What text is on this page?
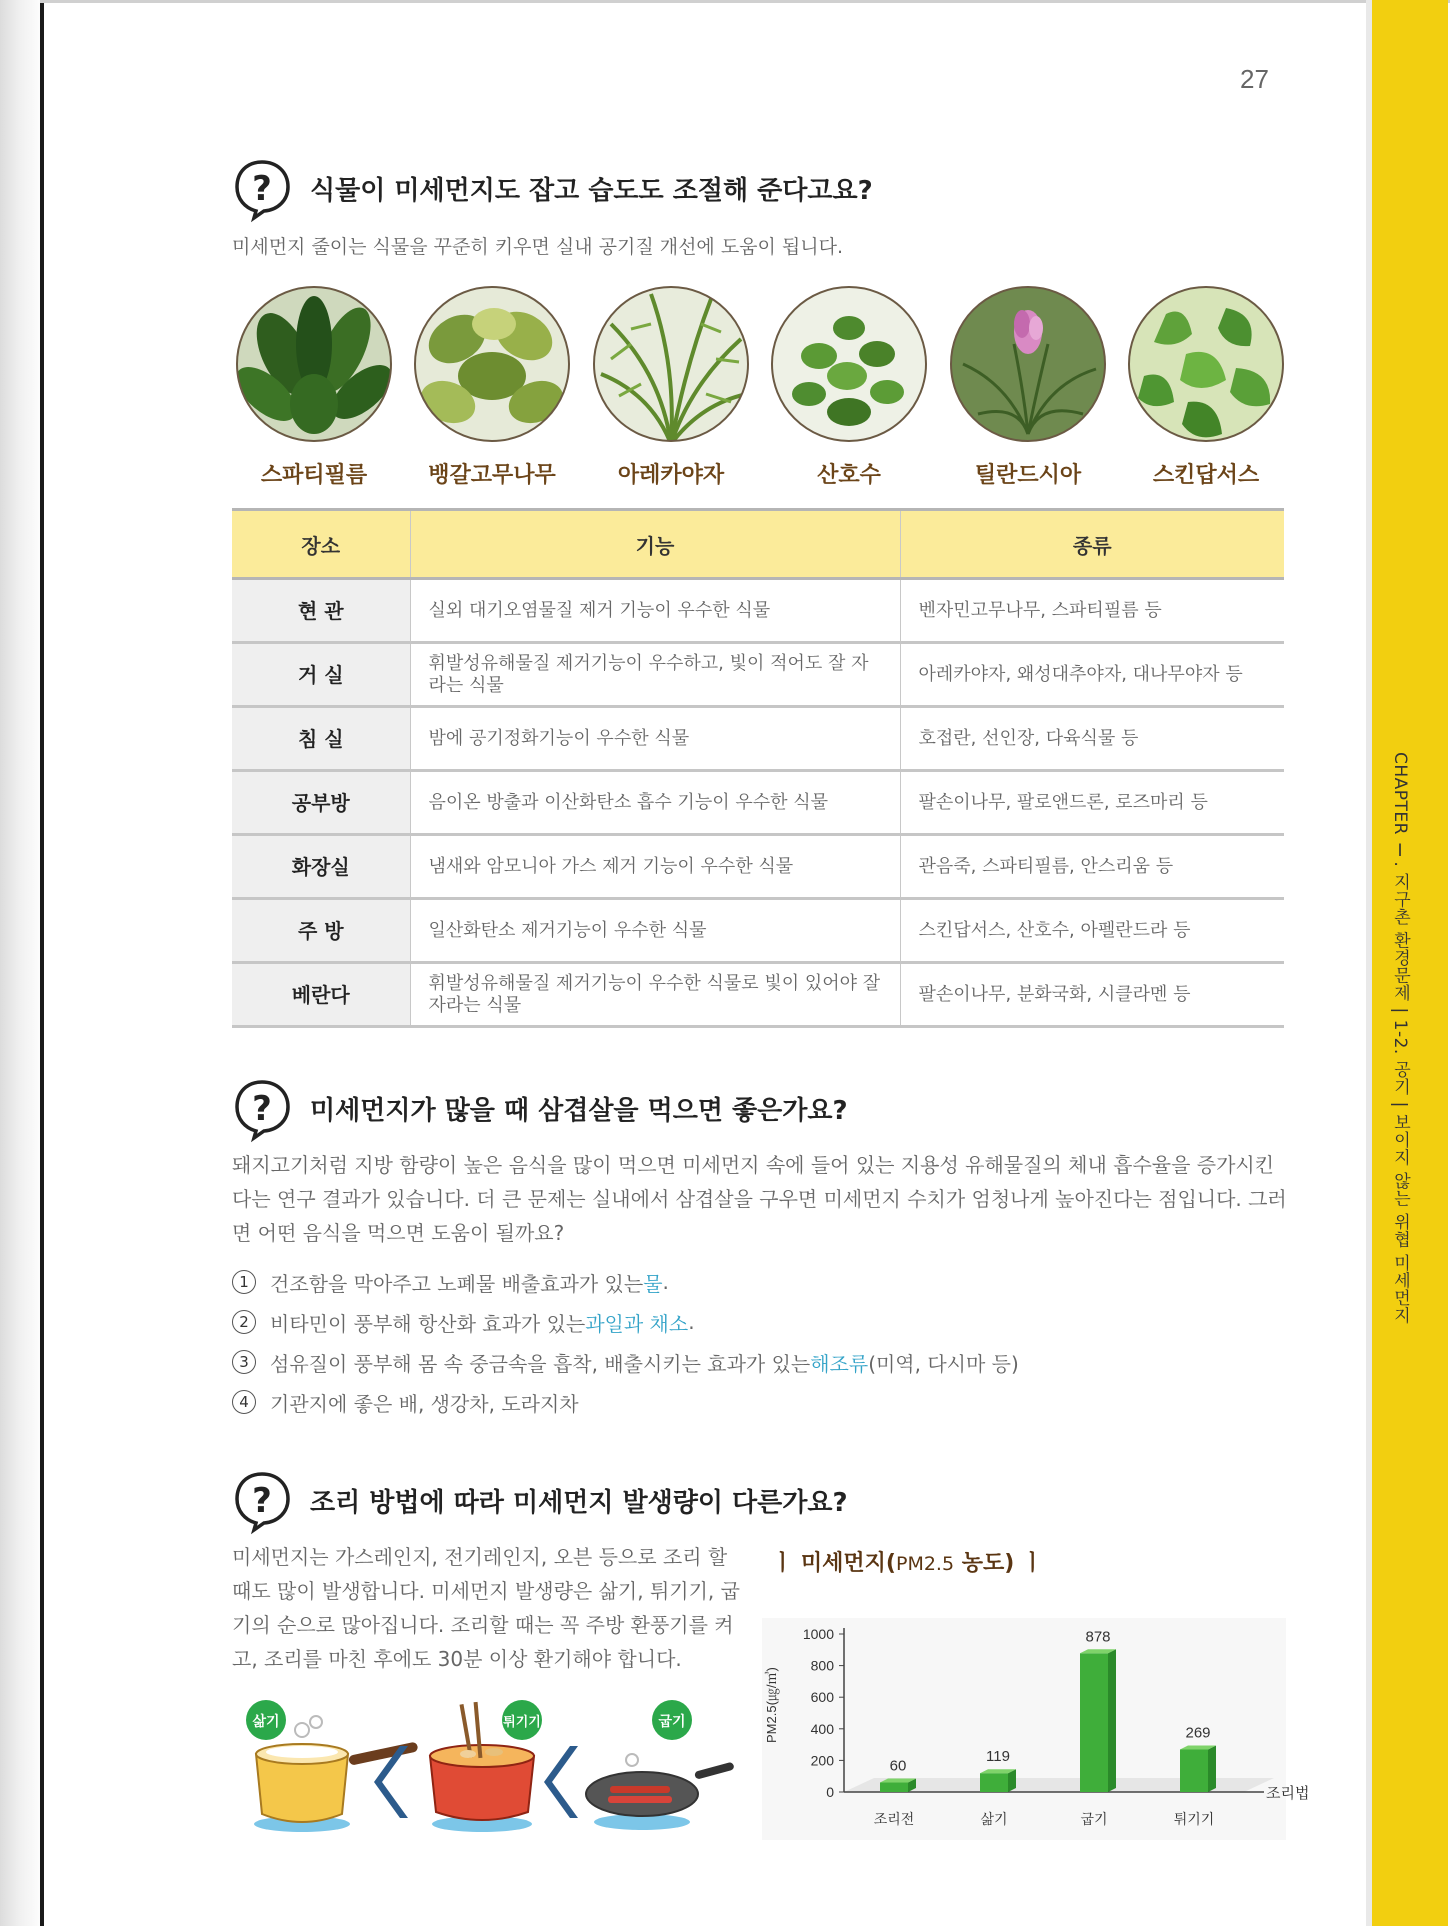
CHAPTER Ⅰ. 지구촌 환경문제 | 1-2. 공기 | 보이지 않는 위협 미세먼지
27
? 식물이 미세먼지도 잡고 습도도 조절해 준다고요?
미세먼지 줄이는 식물을 꾸준히 키우면 실내 공기질 개선에 도움이 됩니다.
스파티필름	뱅갈고무나무	아레카야자	산호수	틸란드시아	스킨답서스
장소	기능	종류
현 관	실외 대기오염물질 제거 기능이 우수한 식물	벤자민고무나무, 스파티필름 등
거 실	휘발성유해물질 제거기능이 우수하고, 빛이 적어도 잘 자라는 식물	아레카야자, 왜성대추야자, 대나무야자 등
침 실	밤에 공기정화기능이 우수한 식물	호접란, 선인장, 다육식물 등
공부방	음이온 방출과 이산화탄소 흡수 기능이 우수한 식물	팔손이나무, 팔로앤드론, 로즈마리 등
화장실	냄새와 암모니아 가스 제거 기능이 우수한 식물	관음죽, 스파티필름, 안스리움 등
주 방	일산화탄소 제거기능이 우수한 식물	스킨답서스, 산호수, 아펠란드라 등
베란다	휘발성유해물질 제거기능이 우수한 식물로 빛이 있어야 잘 자라는 식물	팔손이나무, 분화국화, 시클라멘 등
? 미세먼지가 많을 때 삼겹살을 먹으면 좋은가요?
돼지고기처럼 지방 함량이 높은 음식을 많이 먹으면 미세먼지 속에 들어 있는 지용성 유해물질의 체내 흡수율을 증가시킨다는 연구 결과가 있습니다. 더 큰 문제는 실내에서 삼겹살을 구우면 미세먼지 수치가 엄청나게 높아진다는 점입니다. 그러면 어떤 음식을 먹으면 도움이 될까요?
1	건조함을 막아주고 노폐물 배출효과가 있는 물 .
2	비타민이 풍부해 항산화 효과가 있는 과일과 채소 .
3	섬유질이 풍부해 몸 속 중금속을 흡착, 배출시키는 효과가 있는 해조류 (미역, 다시마 등)
4	기관지에 좋은 배, 생강차, 도라지차
? 조리 방법에 따라 미세먼지 발생량이 다른가요?
미세먼지는 가스레인지, 전기레인지, 오븐 등으로 조리 할 때도 많이 발생합니다. 미세먼지 발생량은 삶기, 튀기기, 굽기의 순으로 많아집니다. 조리할 때는 꼭 주방 환풍기를 켜고, 조리를 마친 후에도 30분 이상 환기해야 합니다.
ㅣ 미세먼지(PM2.5 농도) ㅣ
삶기	튀기기	굽기
0
200
400
600
800
1000
PM2.5(㎍/㎥)
조리법
60
조리전
119
삶기
878
굽기
269
튀기기
